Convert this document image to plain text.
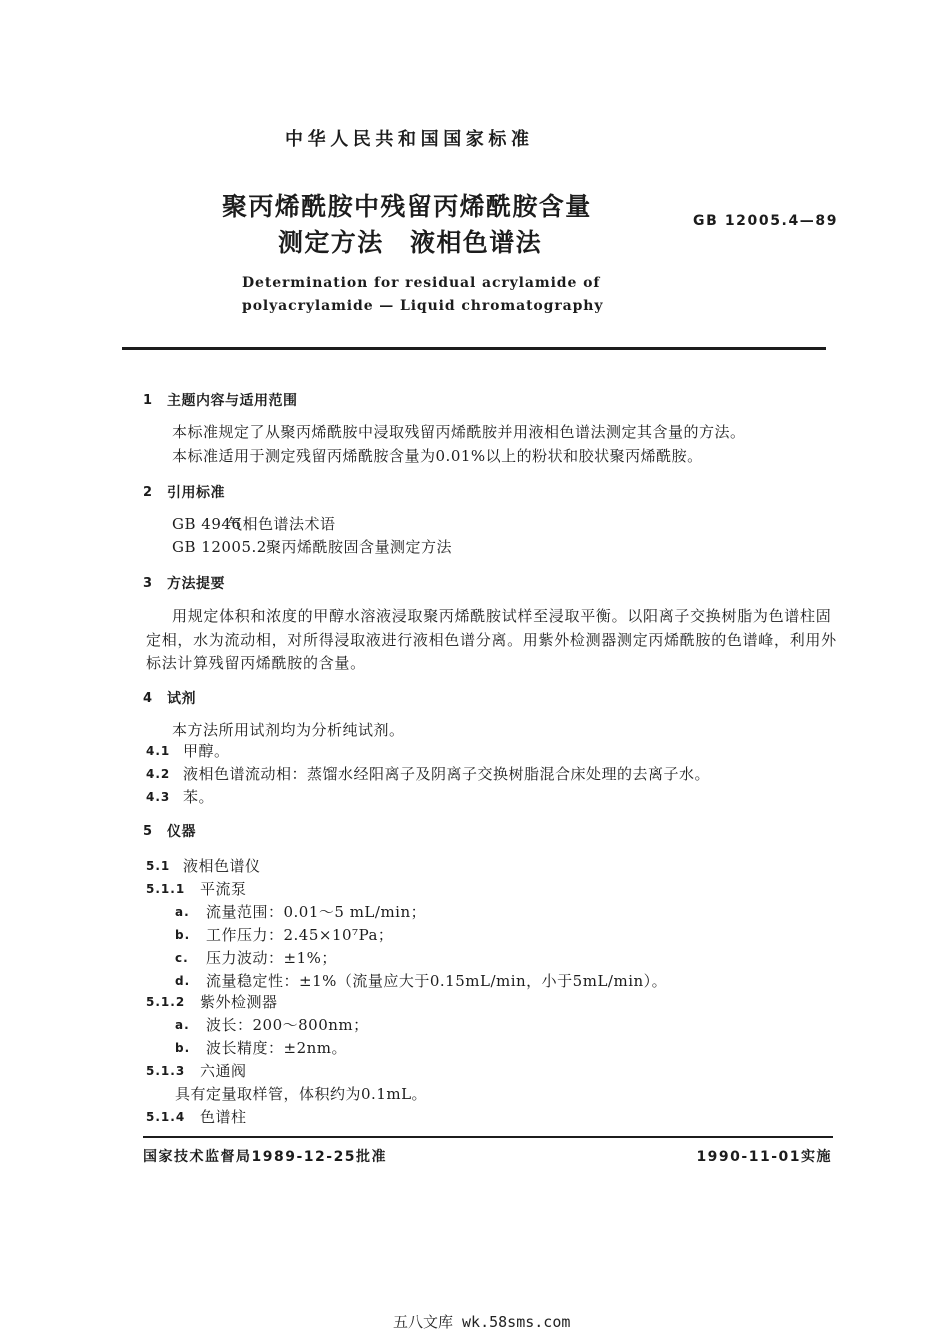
中华人民共和国国家标准
聚丙烯酰胺中残留丙烯酰胺含量
测定方法　液相色谱法
GB 12005.4—89
Determination for residual acrylamide of
polyacrylamide — Liquid chromatography
1 主题内容与适用范围
本标准规定了从聚丙烯酰胺中浸取残留丙烯酰胺并用液相色谱法测定其含量的方法。
本标准适用于测定残留丙烯酰胺含量为0.01%以上的粉状和胶状聚丙烯酰胺。
2 引用标准
GB 4946
气相色谱法术语
GB 12005.2 聚丙烯酰胺固含量测定方法
3 方法提要
用规定体积和浓度的甲醇水溶液浸取聚丙烯酰胺试样至浸取平衡。以阳离子交换树脂为色谱柱固
定相，水为流动相，对所得浸取液进行液相色谱分离。用紫外检测器测定丙烯酰胺的色谱峰，利用外
标法计算残留丙烯酰胺的含量。
4 试剂
本方法所用试剂均为分析纯试剂。
4.1 甲醇。
4.2 液相色谱流动相：蒸馏水经阳离子及阴离子交换树脂混合床处理的去离子水。
4.3 苯。
5 仪器
5.1 液相色谱仪
5.1.1 平流泵
a. 流量范围：0.01～5 mL/min；
b. 工作压力：2.45×10⁷Pa；
c. 压力波动：±1%；
d. 流量稳定性：±1%（流量应大于0.15mL/min，小于5mL/min）。
5.1.2 紫外检测器
a. 波长：200～800nm；
b. 波长精度：±2nm。
5.1.3 六通阀
具有定量取样管，体积约为0.1mL。
5.1.4 色谱柱
国家技术监督局1989-12-25批准	1990-11-01实施
五八文库 wk.58sms.com
